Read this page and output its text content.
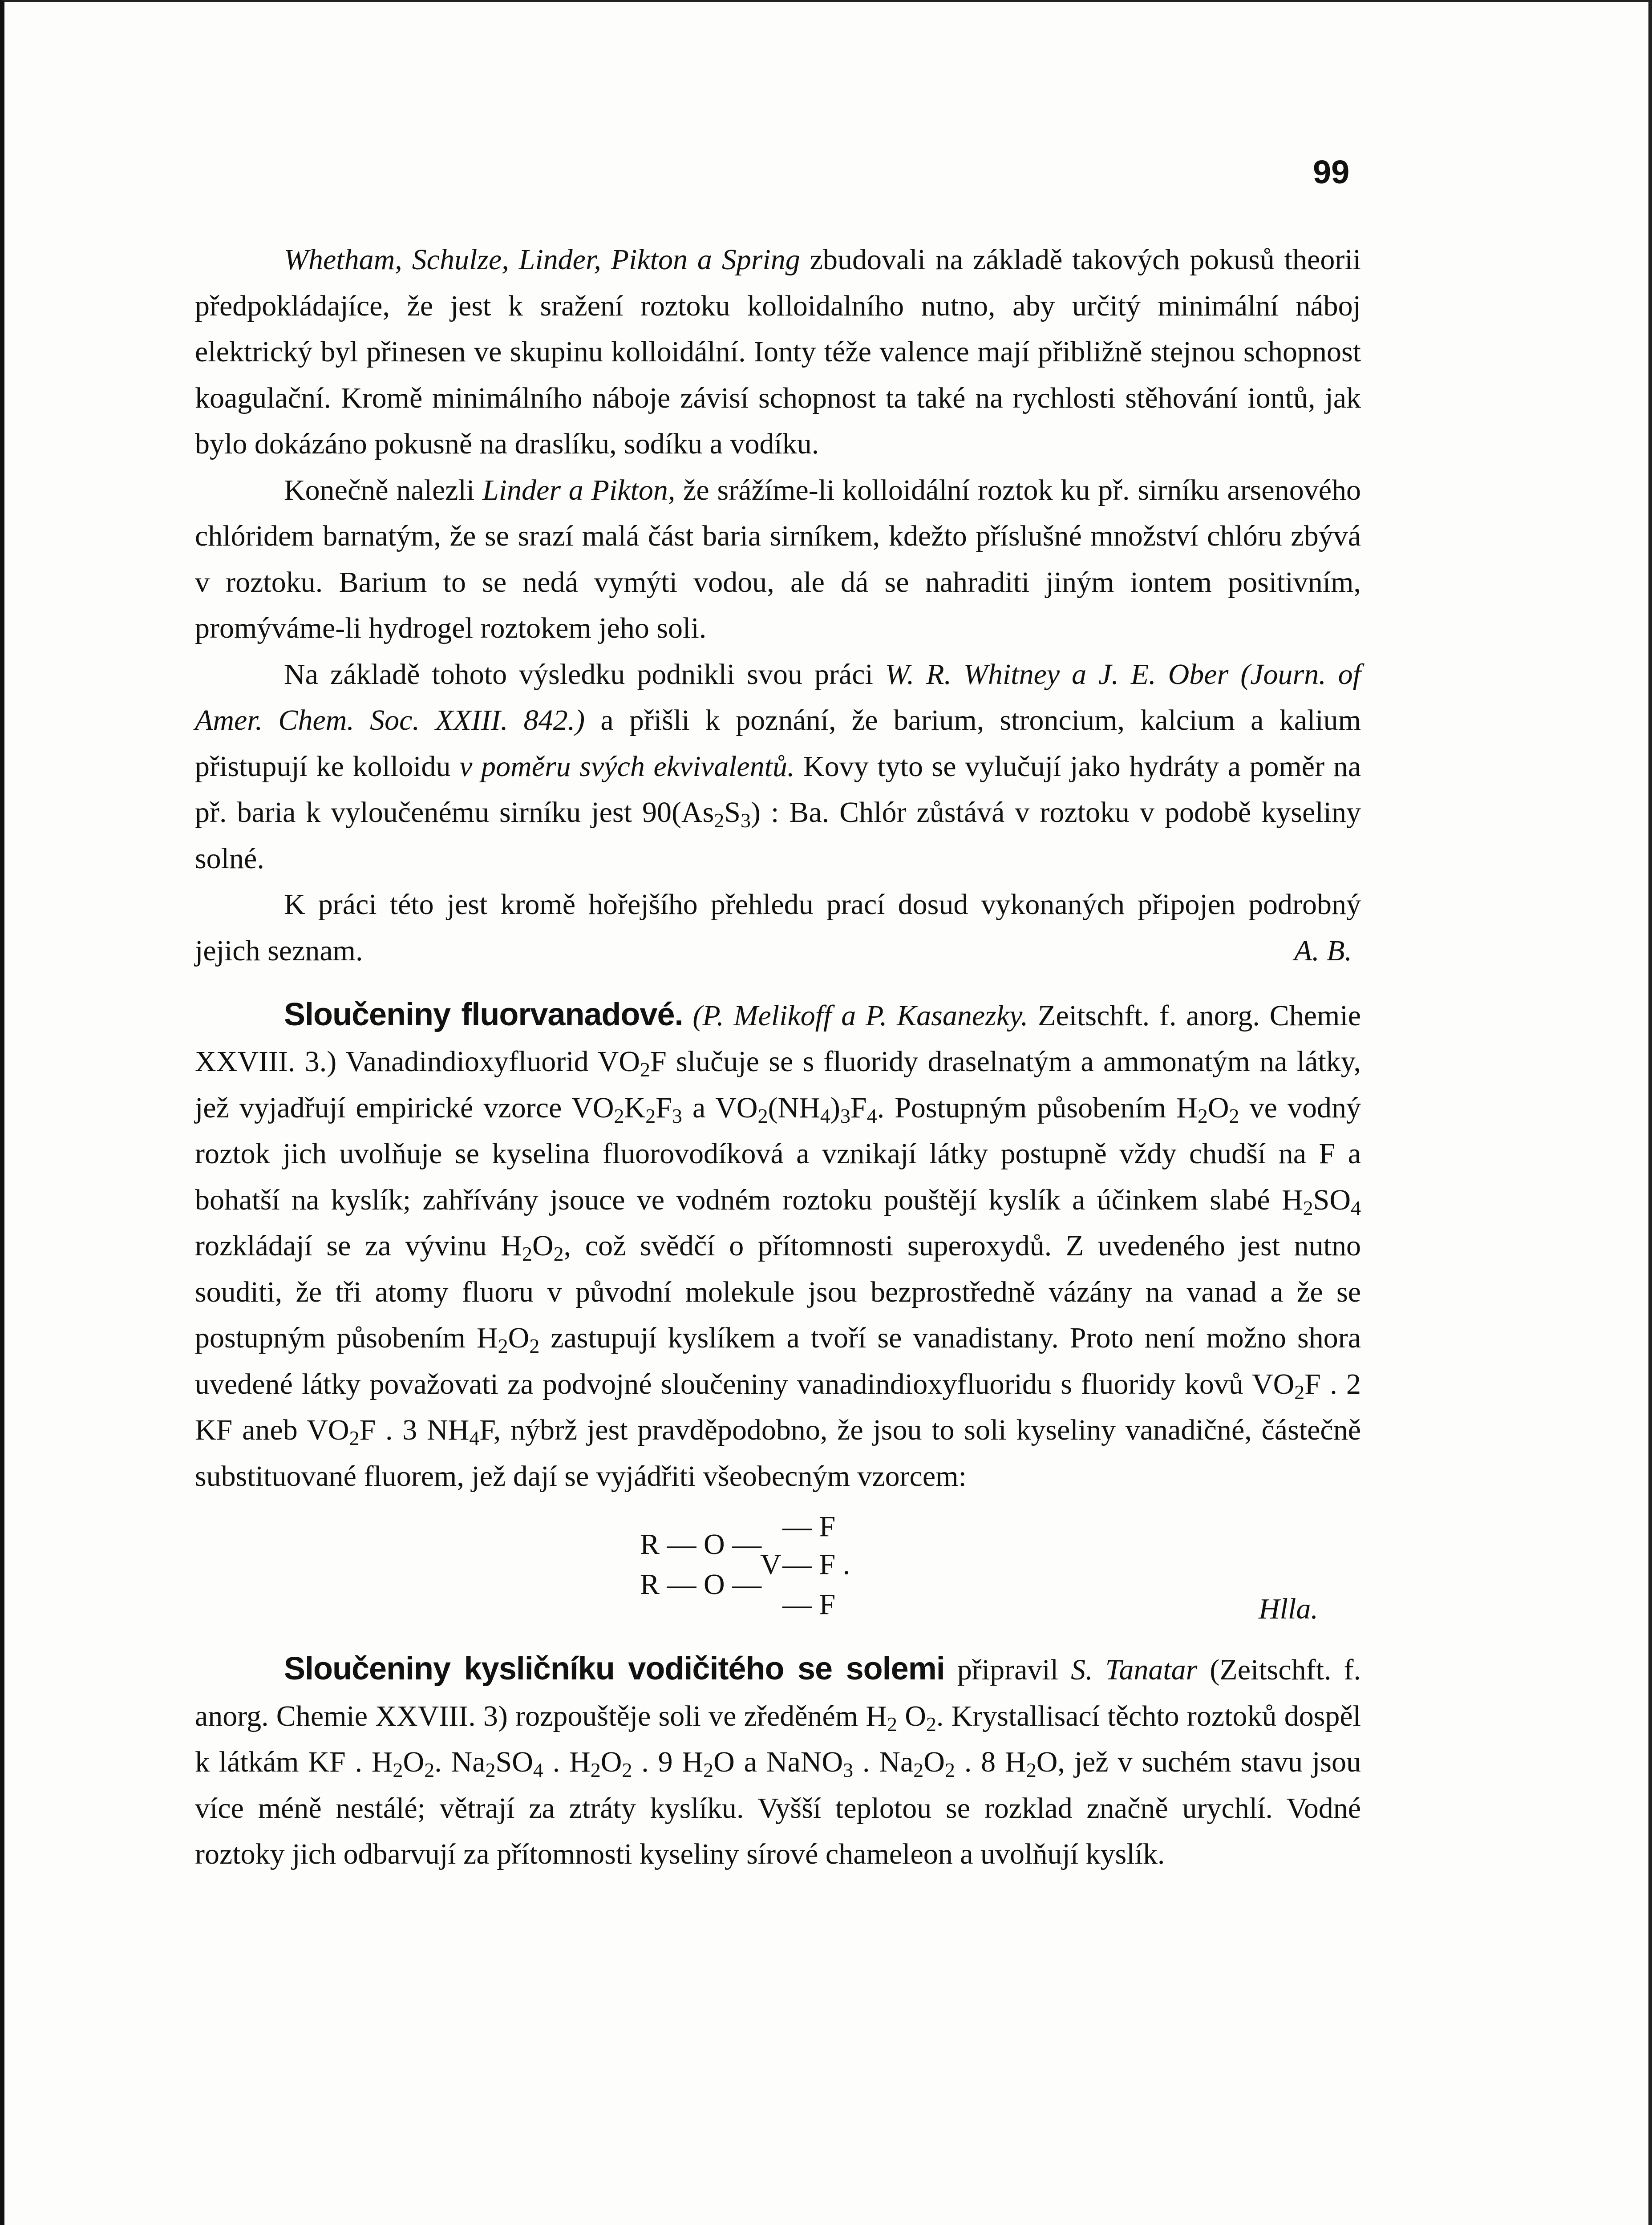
99

Whetham, Schulze, Linder, Pikton a Spring zbudovali na základě takových pokusů theorii předpokládajíce, že jest k sražení roztoku kolloidalního nutno, aby určitý minimální náboj elektrický byl přinesen ve skupinu kolloidální. Ionty téže valence mají přibližně stejnou schopnost koagulační. Kromě minimálního náboje závisí schopnost ta také na rychlosti stěhování iontů, jak bylo dokázáno pokusně na draslíku, sodíku a vodíku.

Konečně nalezli Linder a Pikton, že srážíme-li kolloidální roztok ku př. sirníku arsenového chlóridem barnatým, že se srazí malá část baria sirníkem, kdežto příslušné množství chlóru zbývá v roztoku. Barium to se nedá vymýti vodou, ale dá se nahraditi jiným iontem positivním, promýváme-li hydrogel roztokem jeho soli.

Na základě tohoto výsledku podnikli svou práci W. R. Whitney a J. E. Ober (Journ. of Amer. Chem. Soc. XXIII. 842.) a přišli k poznání, že barium, stroncium, kalcium a kalium přistupují ke kolloidu v poměru svých ekvivalentů. Kovy tyto se vylučují jako hydráty a poměr na př. baria k vyloučenému sirníku jest $90(As_2S_3)$ : Ba. Chlór zůstává v roztoku v podobě kyseliny solné.

K práci této jest kromě hořejšího přehledu prací dosud vykonaných připojen podrobný jejich seznam.	A. B.

Sloučeniny fluorvanadové. (P. Melikoff a P. Kasanezky. Zeitschft. f. anorg. Chemie XXVIII. 3.) Vanadindioxyfluorid $VO_2F$ slučuje se s fluoridy draselnatým a ammonatým na látky, jež vyjadřují empirické vzorce $VO_2K_2F_3$ a $VO_2(NH_4)_3F_4$. Postupným působením $H_2O_2$ ve vodný roztok jich uvolňuje se kyselina fluorovodíková a vznikají látky postupně vždy chudší na F a bohatší na kyslík; zahřívány jsouce ve vodném roztoku pouštějí kyslík a účinkem slabé $H_2SO_4$ rozkládají se za vývinu $H_2O_2$, což svědčí o přítomnosti superoxydů. Z uvedeného jest nutno souditi, že tři atomy fluoru v původní molekule jsou bezprostředně vázány na vanad a že se postupným působením $H_2O_2$ zastupují kyslíkem a tvoří se vanadistany. Proto není možno shora uvedené látky považovati za podvojné sloučeniny vanadindioxyfluoridu s fluoridy kovů $VO_2F$ . 2 KF aneb $VO_2F$ . 3 $NH_4F$, nýbrž jest pravděpodobno, že jsou to soli kyseliny vanadičné, částečně substituované fluorem, jež dají se vyjádřiti všeobecným vzorcem:

R — O —
R — O —
V
— F
— F .
— F	Hlla.

Sloučeniny kysličníku vodičitého se solemi připravil S. Tanatar (Zeitschft. f. anorg. Chemie XXVIII. 3) rozpouštěje soli ve zředěném $H_2$ $O_2$. Krystallisací těchto roztoků dospěl k látkám KF . $H_2O_2$. $Na_2SO_4$ . $H_2O_2$ . 9 $H_2O$ a NaNO$_3$ . $Na_2O_2$ . 8 $H_2O$, jež v suchém stavu jsou více méně nestálé; větrají za ztráty kyslíku. Vyšší teplotou se rozklad značně urychlí. Vodné roztoky jich odbarvují za přítomnosti kyseliny sírové chameleon a uvolňují kyslík.
